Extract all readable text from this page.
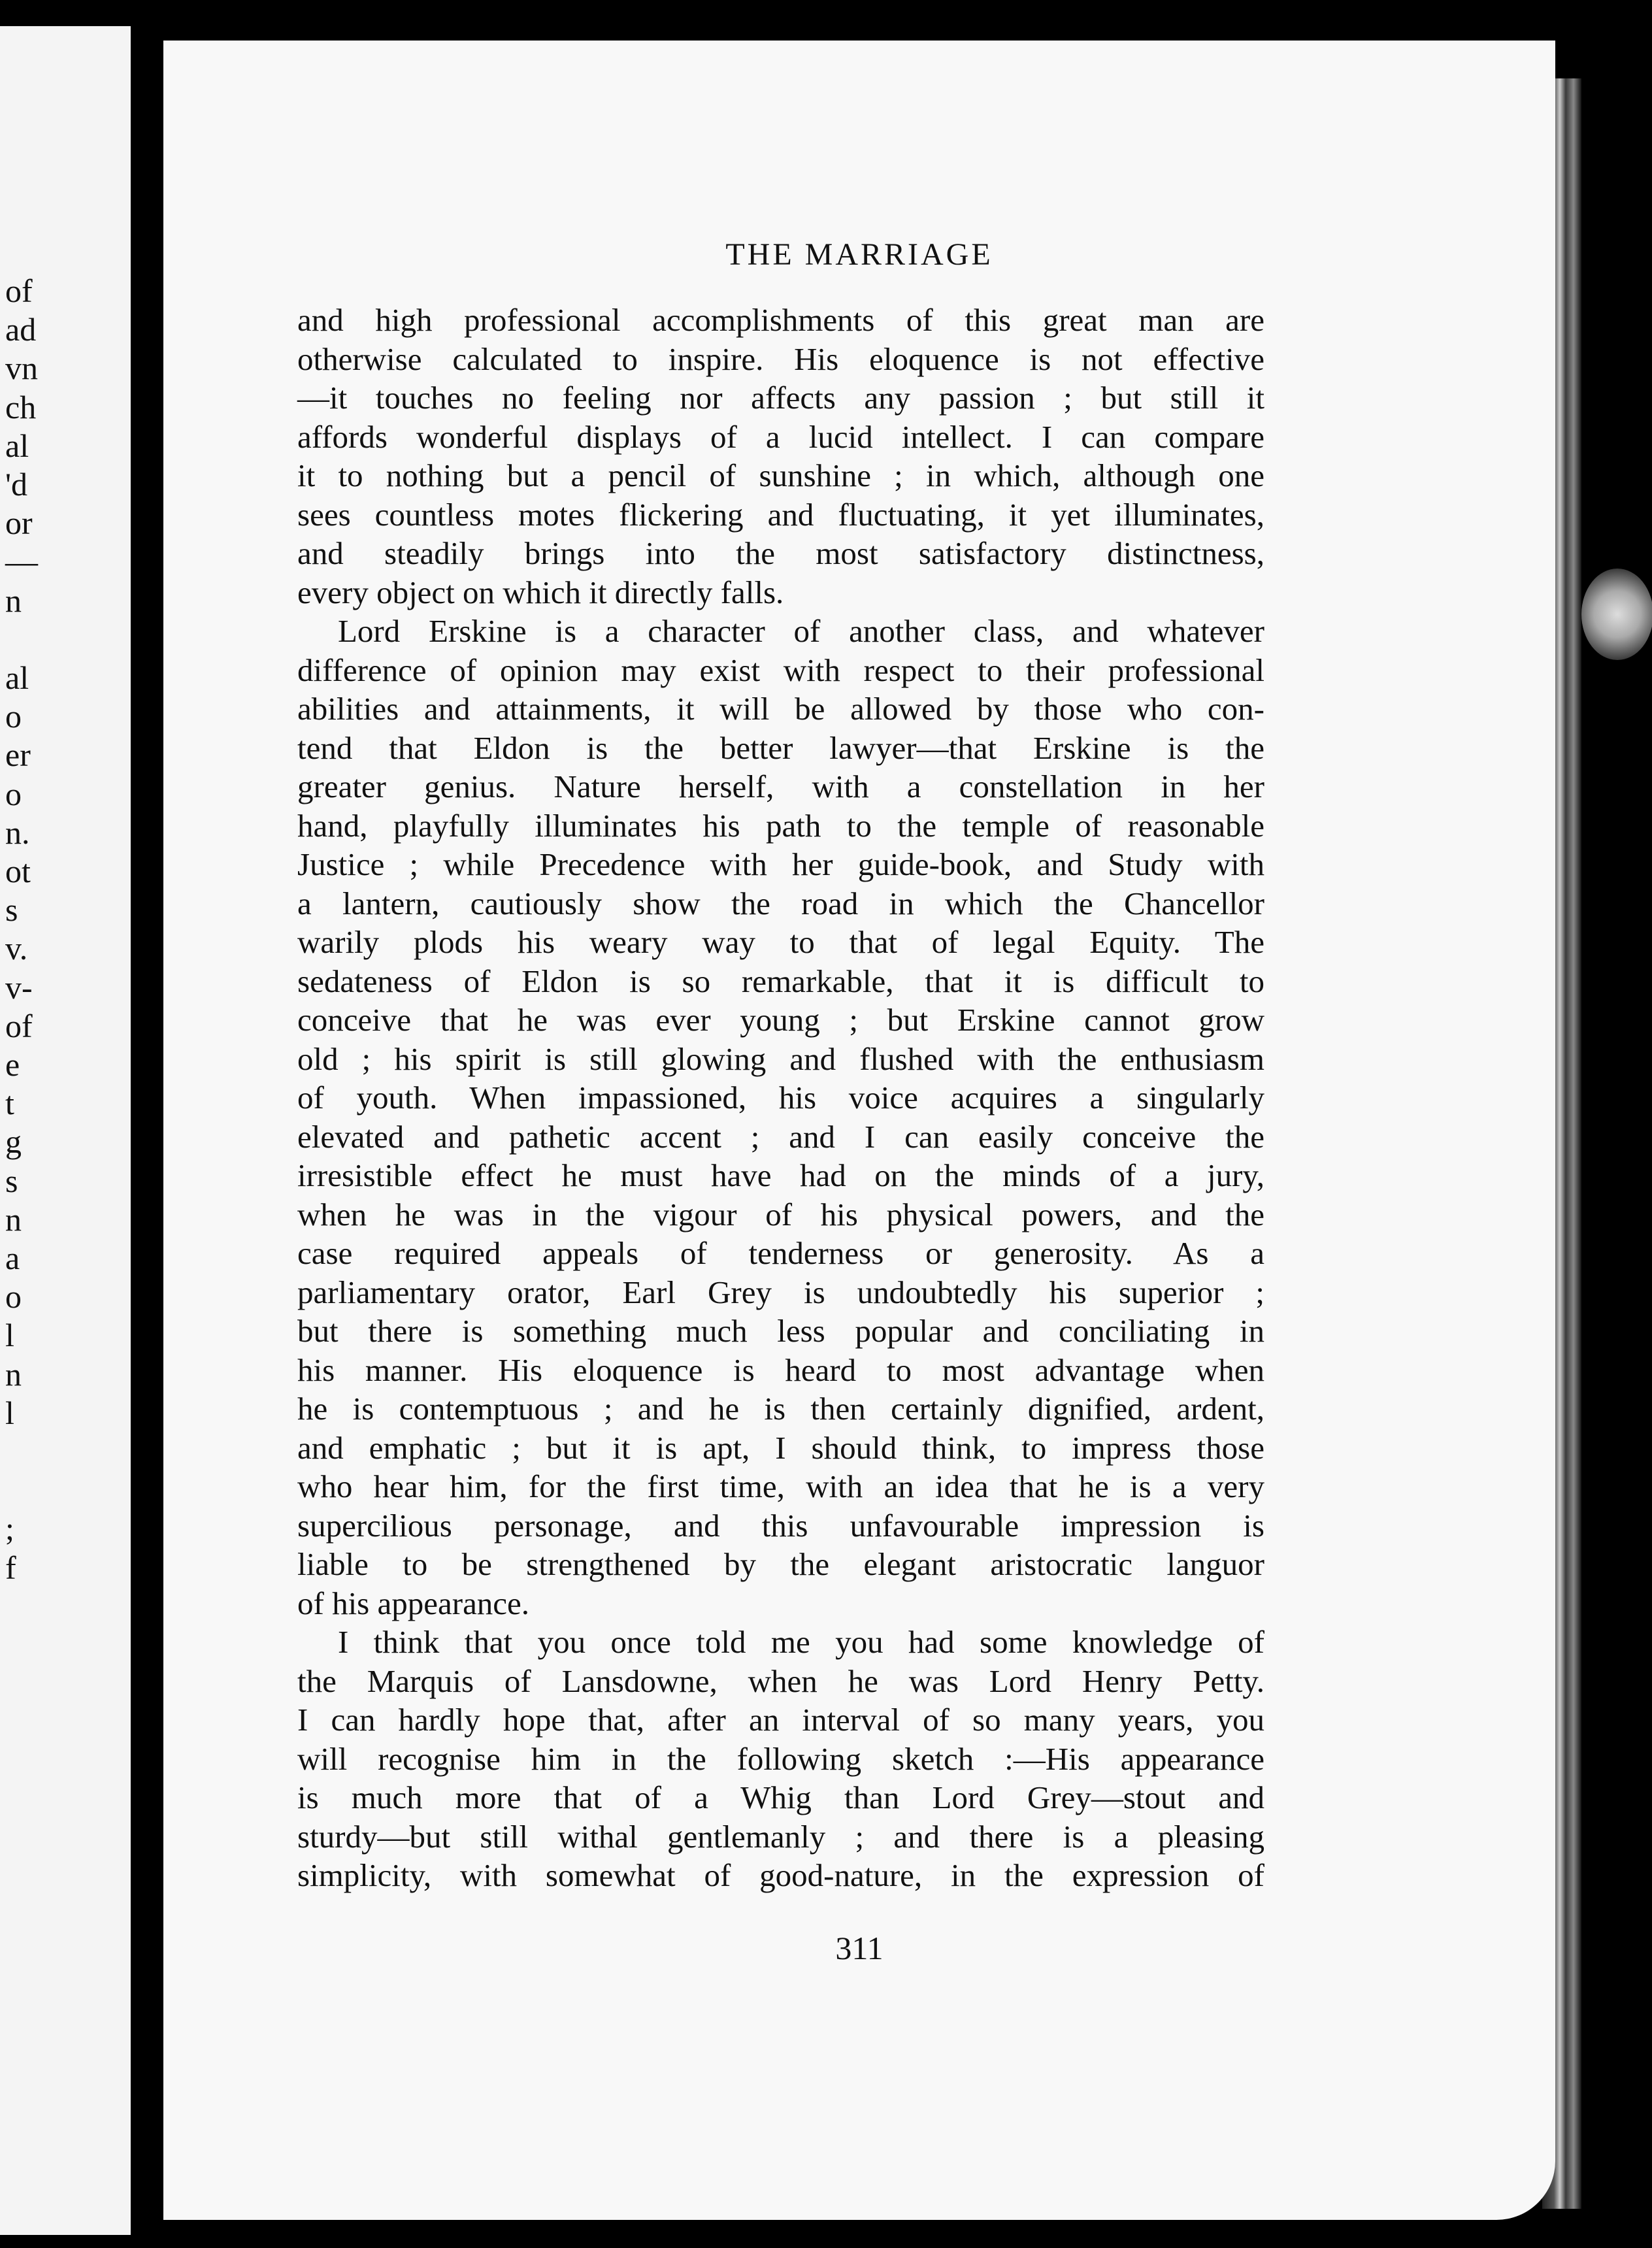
of
ad
vn
ch
al
'd
or
—
n
al
o
er
o
n.
ot
s
v.
v-
of
e
t
g
s
n
a
o
l
n
l
;
f
THE MARRIAGE
and high professional accomplishments of this great man are
otherwise calculated to inspire. His eloquence is not effective
—it touches no feeling nor affects any passion ; but still it
affords wonderful displays of a lucid intellect. I can compare
it to nothing but a pencil of sunshine ; in which, although one
sees countless motes flickering and fluctuating, it yet illuminates,
and steadily brings into the most satisfactory distinctness,
every object on which it directly falls.
Lord Erskine is a character of another class, and whatever
difference of opinion may exist with respect to their professional
abilities and attainments, it will be allowed by those who con-
tend that Eldon is the better lawyer—that Erskine is the
greater genius. Nature herself, with a constellation in her
hand, playfully illuminates his path to the temple of reasonable
Justice ; while Precedence with her guide-book, and Study with
a lantern, cautiously show the road in which the Chancellor
warily plods his weary way to that of legal Equity. The
sedateness of Eldon is so remarkable, that it is difficult to
conceive that he was ever young ; but Erskine cannot grow
old ; his spirit is still glowing and flushed with the enthusiasm
of youth. When impassioned, his voice acquires a singularly
elevated and pathetic accent ; and I can easily conceive the
irresistible effect he must have had on the minds of a jury,
when he was in the vigour of his physical powers, and the
case required appeals of tenderness or generosity. As a
parliamentary orator, Earl Grey is undoubtedly his superior ;
but there is something much less popular and conciliating in
his manner. His eloquence is heard to most advantage when
he is contemptuous ; and he is then certainly dignified, ardent,
and emphatic ; but it is apt, I should think, to impress those
who hear him, for the first time, with an idea that he is a very
supercilious personage, and this unfavourable impression is
liable to be strengthened by the elegant aristocratic languor
of his appearance.
I think that you once told me you had some knowledge of
the Marquis of Lansdowne, when he was Lord Henry Petty.
I can hardly hope that, after an interval of so many years, you
will recognise him in the following sketch :—His appearance
is much more that of a Whig than Lord Grey—stout and
sturdy—but still withal gentlemanly ; and there is a pleasing
simplicity, with somewhat of good-nature, in the expression of
311
